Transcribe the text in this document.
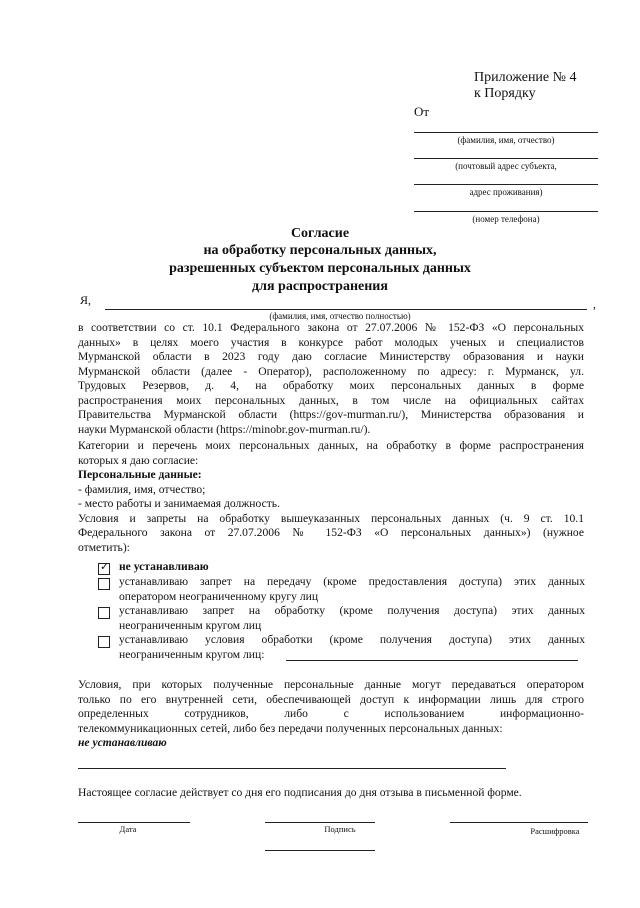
Приложение № 4
к Порядку
От
(фамилия, имя, отчество)
(почтовый адрес субъекта,
адрес проживания)
(номер телефона)
Согласие
на обработку персональных данных,
разрешенных субъектом персональных данных
для распространения
Я,	,
(фамилия, имя, отчество полностью)
в соответствии со ст. 10.1 Федерального закона от 27.07.2006 № 152-ФЗ «О персональных
данных» в целях моего участия в конкурсе работ молодых ученых и специалистов
Мурманской области в 2023 году даю согласие Министерству образования и науки
Мурманской области (далее - Оператор), расположенному по адресу: г. Мурманск, ул.
Трудовых Резервов, д. 4, на обработку моих персональных данных в форме
распространения моих персональных данных, в том числе на официальных сайтах
Правительства Мурманской области (https://gov-murman.ru/), Министерства образования и
науки Мурманской области (https://minobr.gov-murman.ru/).
Категории и перечень моих персональных данных, на обработку в форме распространения
которых я даю согласие:
Персональные данные:
- фамилия, имя, отчество;
- место работы и занимаемая должность.
Условия и запреты на обработку вышеуказанных персональных данных (ч. 9 ст. 10.1
Федерального закона от 27.07.2006 № 152-ФЗ «О персональных данных») (нужное
отметить):
✓
не устанавливаю
устанавливаю запрет на передачу (кроме предоставления доступа) этих данных
оператором неограниченному кругу лиц
устанавливаю запрет на обработку (кроме получения доступа) этих данных
неограниченным кругом лиц
устанавливаю условия обработки (кроме получения доступа) этих данных
неограниченным кругом лиц:
Условия, при которых полученные персональные данные могут передаваться оператором
только по его внутренней сети, обеспечивающей доступ к информации лишь для строго
определенных сотрудников, либо с использованием информационно-
телекоммуникационных сетей, либо без передачи полученных персональных данных:
не устанавливаю
Настоящее согласие действует со дня его подписания до дня отзыва в письменной форме.
Дата	Подпись	Расшифровка
